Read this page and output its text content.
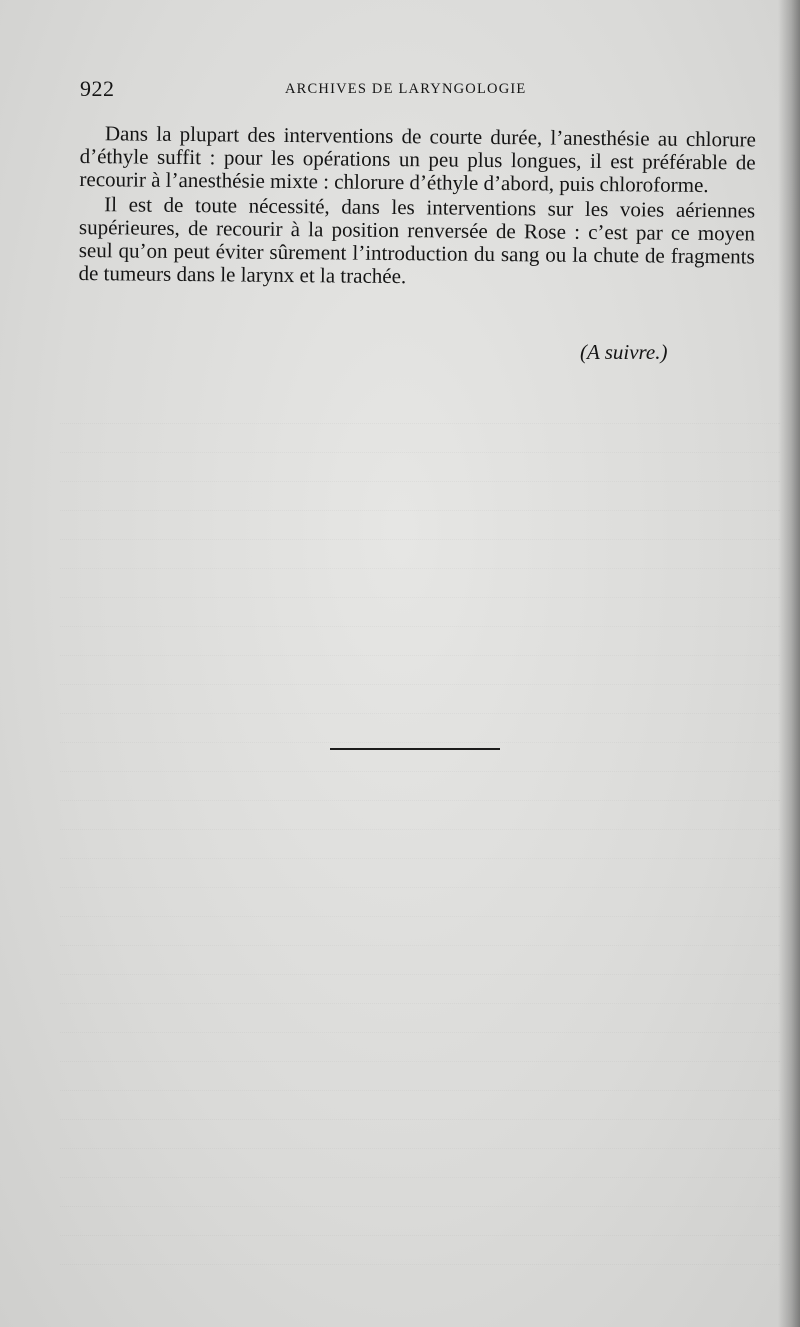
922	ARCHIVES DE LARYNGOLOGIE

Dans la plupart des interventions de courte durée, l’anesthésie au chlorure d’éthyle suffit : pour les opérations un peu plus longues, il est préférable de recourir à l’anesthésie mixte : chlorure d’éthyle d’abord, puis chloroforme.

Il est de toute nécessité, dans les interventions sur les voies aériennes supérieures, de recourir à la position renversée de Rose : c’est par ce moyen seul qu’on peut éviter sûrement l’introduction du sang ou la chute de fragments de tumeurs dans le larynx et la trachée.

(A suivre.)
